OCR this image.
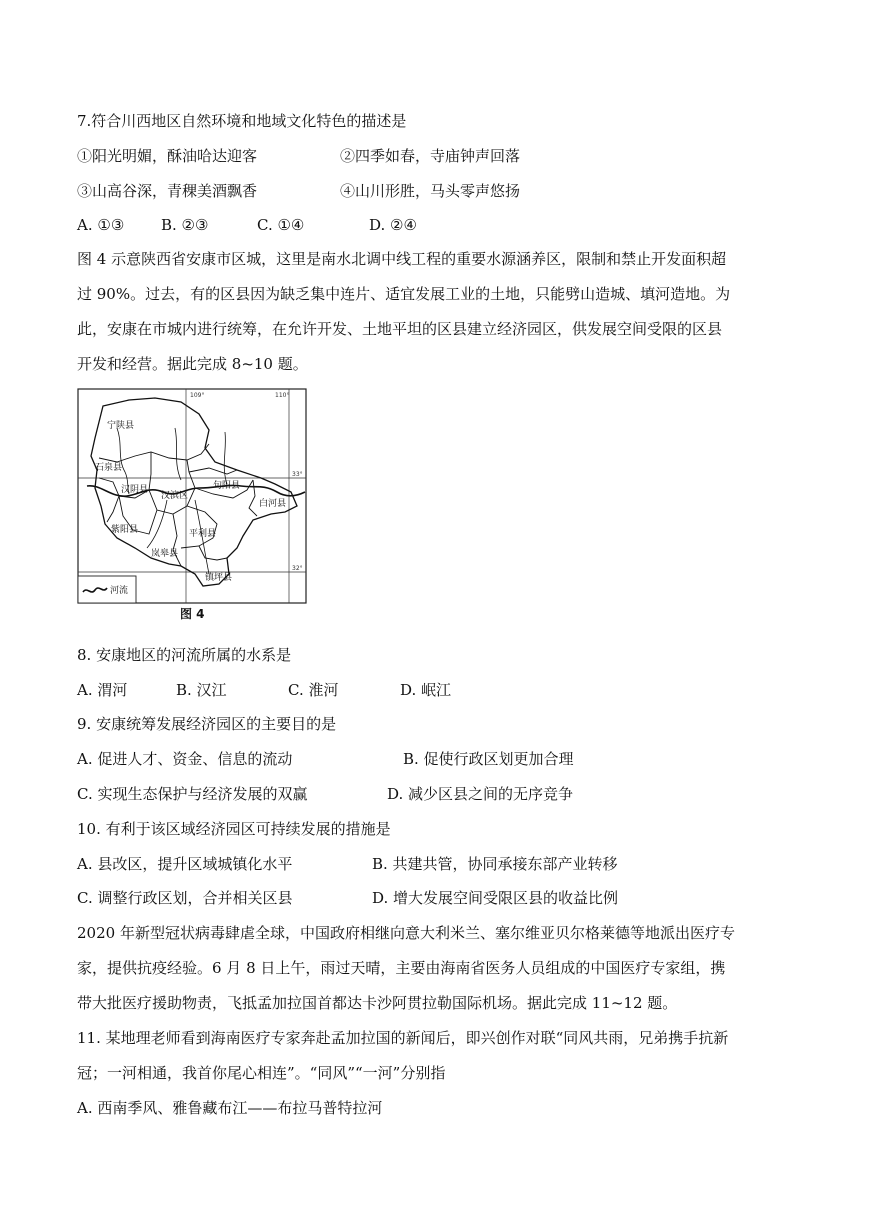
7.符合川西地区自然环境和地域文化特色的描述是
①阳光明媚，酥油哈达迎客	②四季如春，寺庙钟声回落
③山高谷深，青稞美酒飘香	④山川形胜，马头零声悠扬
A. ①③ B. ②③	C. ①④	D. ②④
图 4 示意陕西省安康市区城，这里是南水北调中线工程的重要水源涵养区，限制和禁止开发面积超
过 90%。过去，有的区县因为缺乏集中连片、适宜发展工业的土地，只能劈山造城、填河造地。为
此，安康在市城内进行统筹，在允许开发、土地平坦的区县建立经济园区，供发展空间受限的区县
开发和经营。据此完成 8~10 题。
109°	110°
33°
32°
宁陕县
石泉县
汉阴县
汉滨区
旬阳县
白河县
紫阳县	平利县
岚皋县
镇坪县
河流
图 4
8. 安康地区的河流所属的水系是
A. 渭河	B. 汉江	C. 淮河	D. 岷江
9. 安康统筹发展经济园区的主要目的是
A. 促进人才、资金、信息的流动	B. 促使行政区划更加合理
C. 实现生态保护与经济发展的双赢	D. 减少区县之间的无序竞争
10. 有利于该区域经济园区可持续发展的措施是
A. 县改区，提升区域城镇化水平	B. 共建共管，协同承接东部产业转移
C. 调整行政区划，合并相关区县	D. 增大发展空间受限区县的收益比例
2020 年新型冠状病毒肆虐全球，中国政府相继向意大利米兰、塞尔维亚贝尔格莱德等地派出医疗专
家，提供抗疫经验。6 月 8 日上午，雨过天晴，主要由海南省医务人员组成的中国医疗专家组，携
带大批医疗援助物责，飞抵孟加拉国首都达卡沙阿贯拉勒国际机场。据此完成 11~12 题。
11. 某地理老师看到海南医疗专家奔赴孟加拉国的新闻后，即兴创作对联“同风共雨，兄弟携手抗新
冠；一河相通，我首你尾心相连”。“同风”“一河”分别指
A. 西南季风、雅鲁藏布江——布拉马普特拉河
